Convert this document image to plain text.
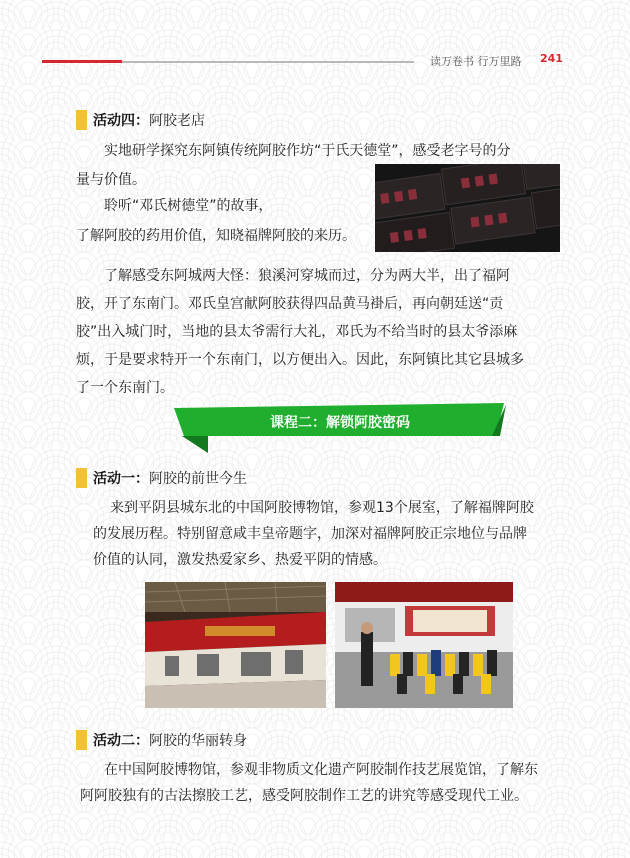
读万卷书 行万里路 241
活动四： 阿胶老店

实地研学探究东阿镇传统阿胶作坊“于氏天德堂”，感受老字号的分

量与价值。

聆听“邓氏树德堂”的故事，

了解阿胶的药用价值，知晓福牌阿胶的来历。

了解感受东阿城两大怪：狼溪河穿城而过，分为两大半，出了福阿

胶，开了东南门。邓氏皇宫献阿胶获得四品黄马褂后，再向朝廷送“贡

胶”出入城门时，当地的县太爷需行大礼，邓氏为不给当时的县太爷添麻

烦，于是要求特开一个东南门，以方便出入。因此，东阿镇比其它县城多

了一个东南门。

课程二：解锁阿胶密码
活动一： 阿胶的前世今生

来到平阴县城东北的中国阿胶博物馆，参观13个展室，了解福牌阿胶

的发展历程。特别留意咸丰皇帝题字，加深对福牌阿胶正宗地位与品牌

价值的认同，激发热爱家乡、热爱平阴的情感。

活动二： 阿胶的华丽转身

在中国阿胶博物馆，参观非物质文化遗产阿胶制作技艺展览馆，了解东

阿阿胶独有的古法擦胶工艺，感受阿胶制作工艺的讲究等感受现代工业。
